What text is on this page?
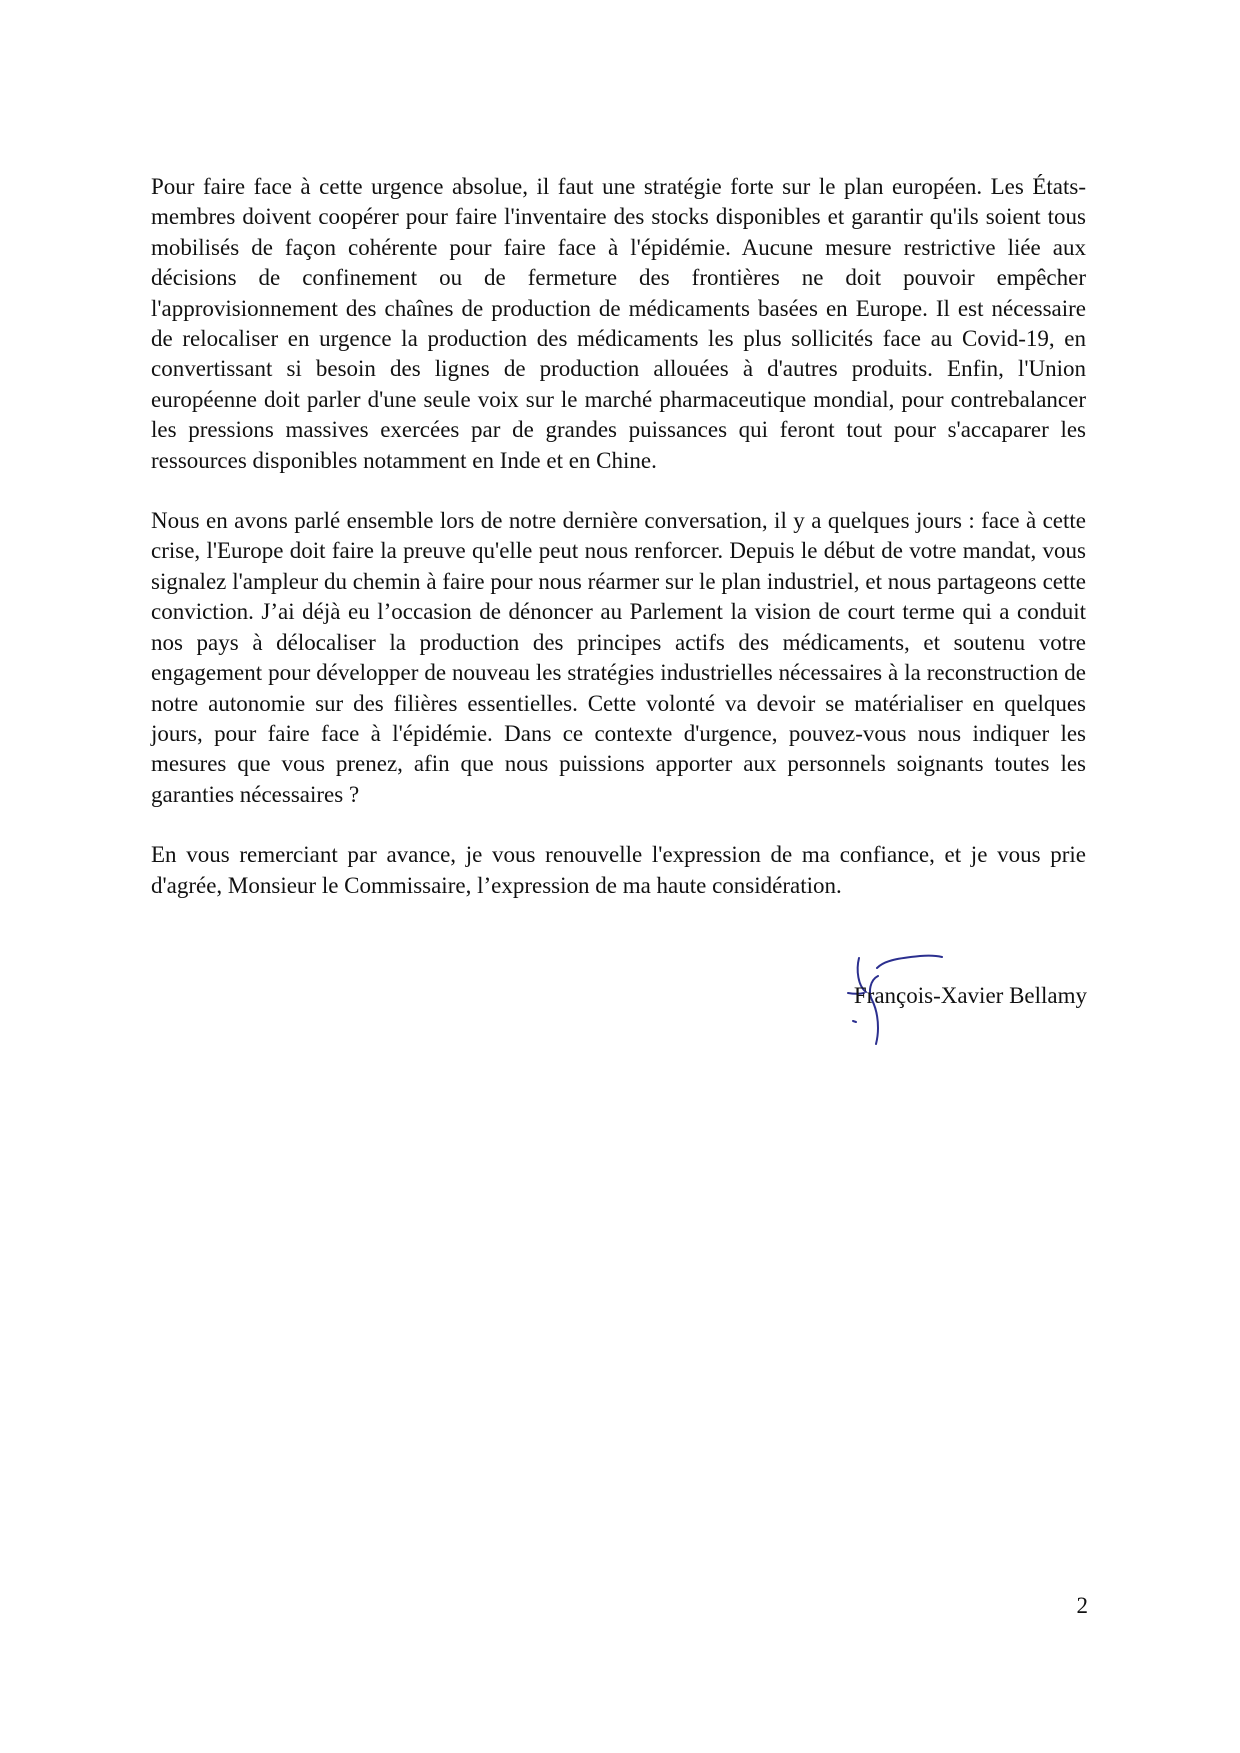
Pour faire face à cette urgence absolue, il faut une stratégie forte sur le plan européen. Les États-membres doivent coopérer pour faire l'inventaire des stocks disponibles et garantir qu'ils soient tous mobilisés de façon cohérente pour faire face à l'épidémie. Aucune mesure restrictive liée aux décisions de confinement ou de fermeture des frontières ne doit pouvoir empêcher l'approvisionnement des chaînes de production de médicaments basées en Europe. Il est nécessaire de relocaliser en urgence la production des médicaments les plus sollicités face au Covid-19, en convertissant si besoin des lignes de production allouées à d'autres produits. Enfin, l'Union européenne doit parler d'une seule voix sur le marché pharmaceutique mondial, pour contrebalancer les pressions massives exercées par de grandes puissances qui feront tout pour s'accaparer les ressources disponibles notamment en Inde et en Chine.

Nous en avons parlé ensemble lors de notre dernière conversation, il y a quelques jours : face à cette crise, l'Europe doit faire la preuve qu'elle peut nous renforcer. Depuis le début de votre mandat, vous signalez l'ampleur du chemin à faire pour nous réarmer sur le plan industriel, et nous partageons cette conviction. J’ai déjà eu l’occasion de dénoncer au Parlement la vision de court terme qui a conduit nos pays à délocaliser la production des principes actifs des médicaments, et soutenu votre engagement pour développer de nouveau les stratégies industrielles nécessaires à la reconstruction de notre autonomie sur des filières essentielles. Cette volonté va devoir se matérialiser en quelques jours, pour faire face à l'épidémie. Dans ce contexte d'urgence, pouvez-vous nous indiquer les mesures que vous prenez, afin que nous puissions apporter aux personnels soignants toutes les garanties nécessaires ?

En vous remerciant par avance, je vous renouvelle l'expression de ma confiance, et je vous prie d'agrée, Monsieur le Commissaire, l’expression de ma haute considération.

François-Xavier Bellamy
2
